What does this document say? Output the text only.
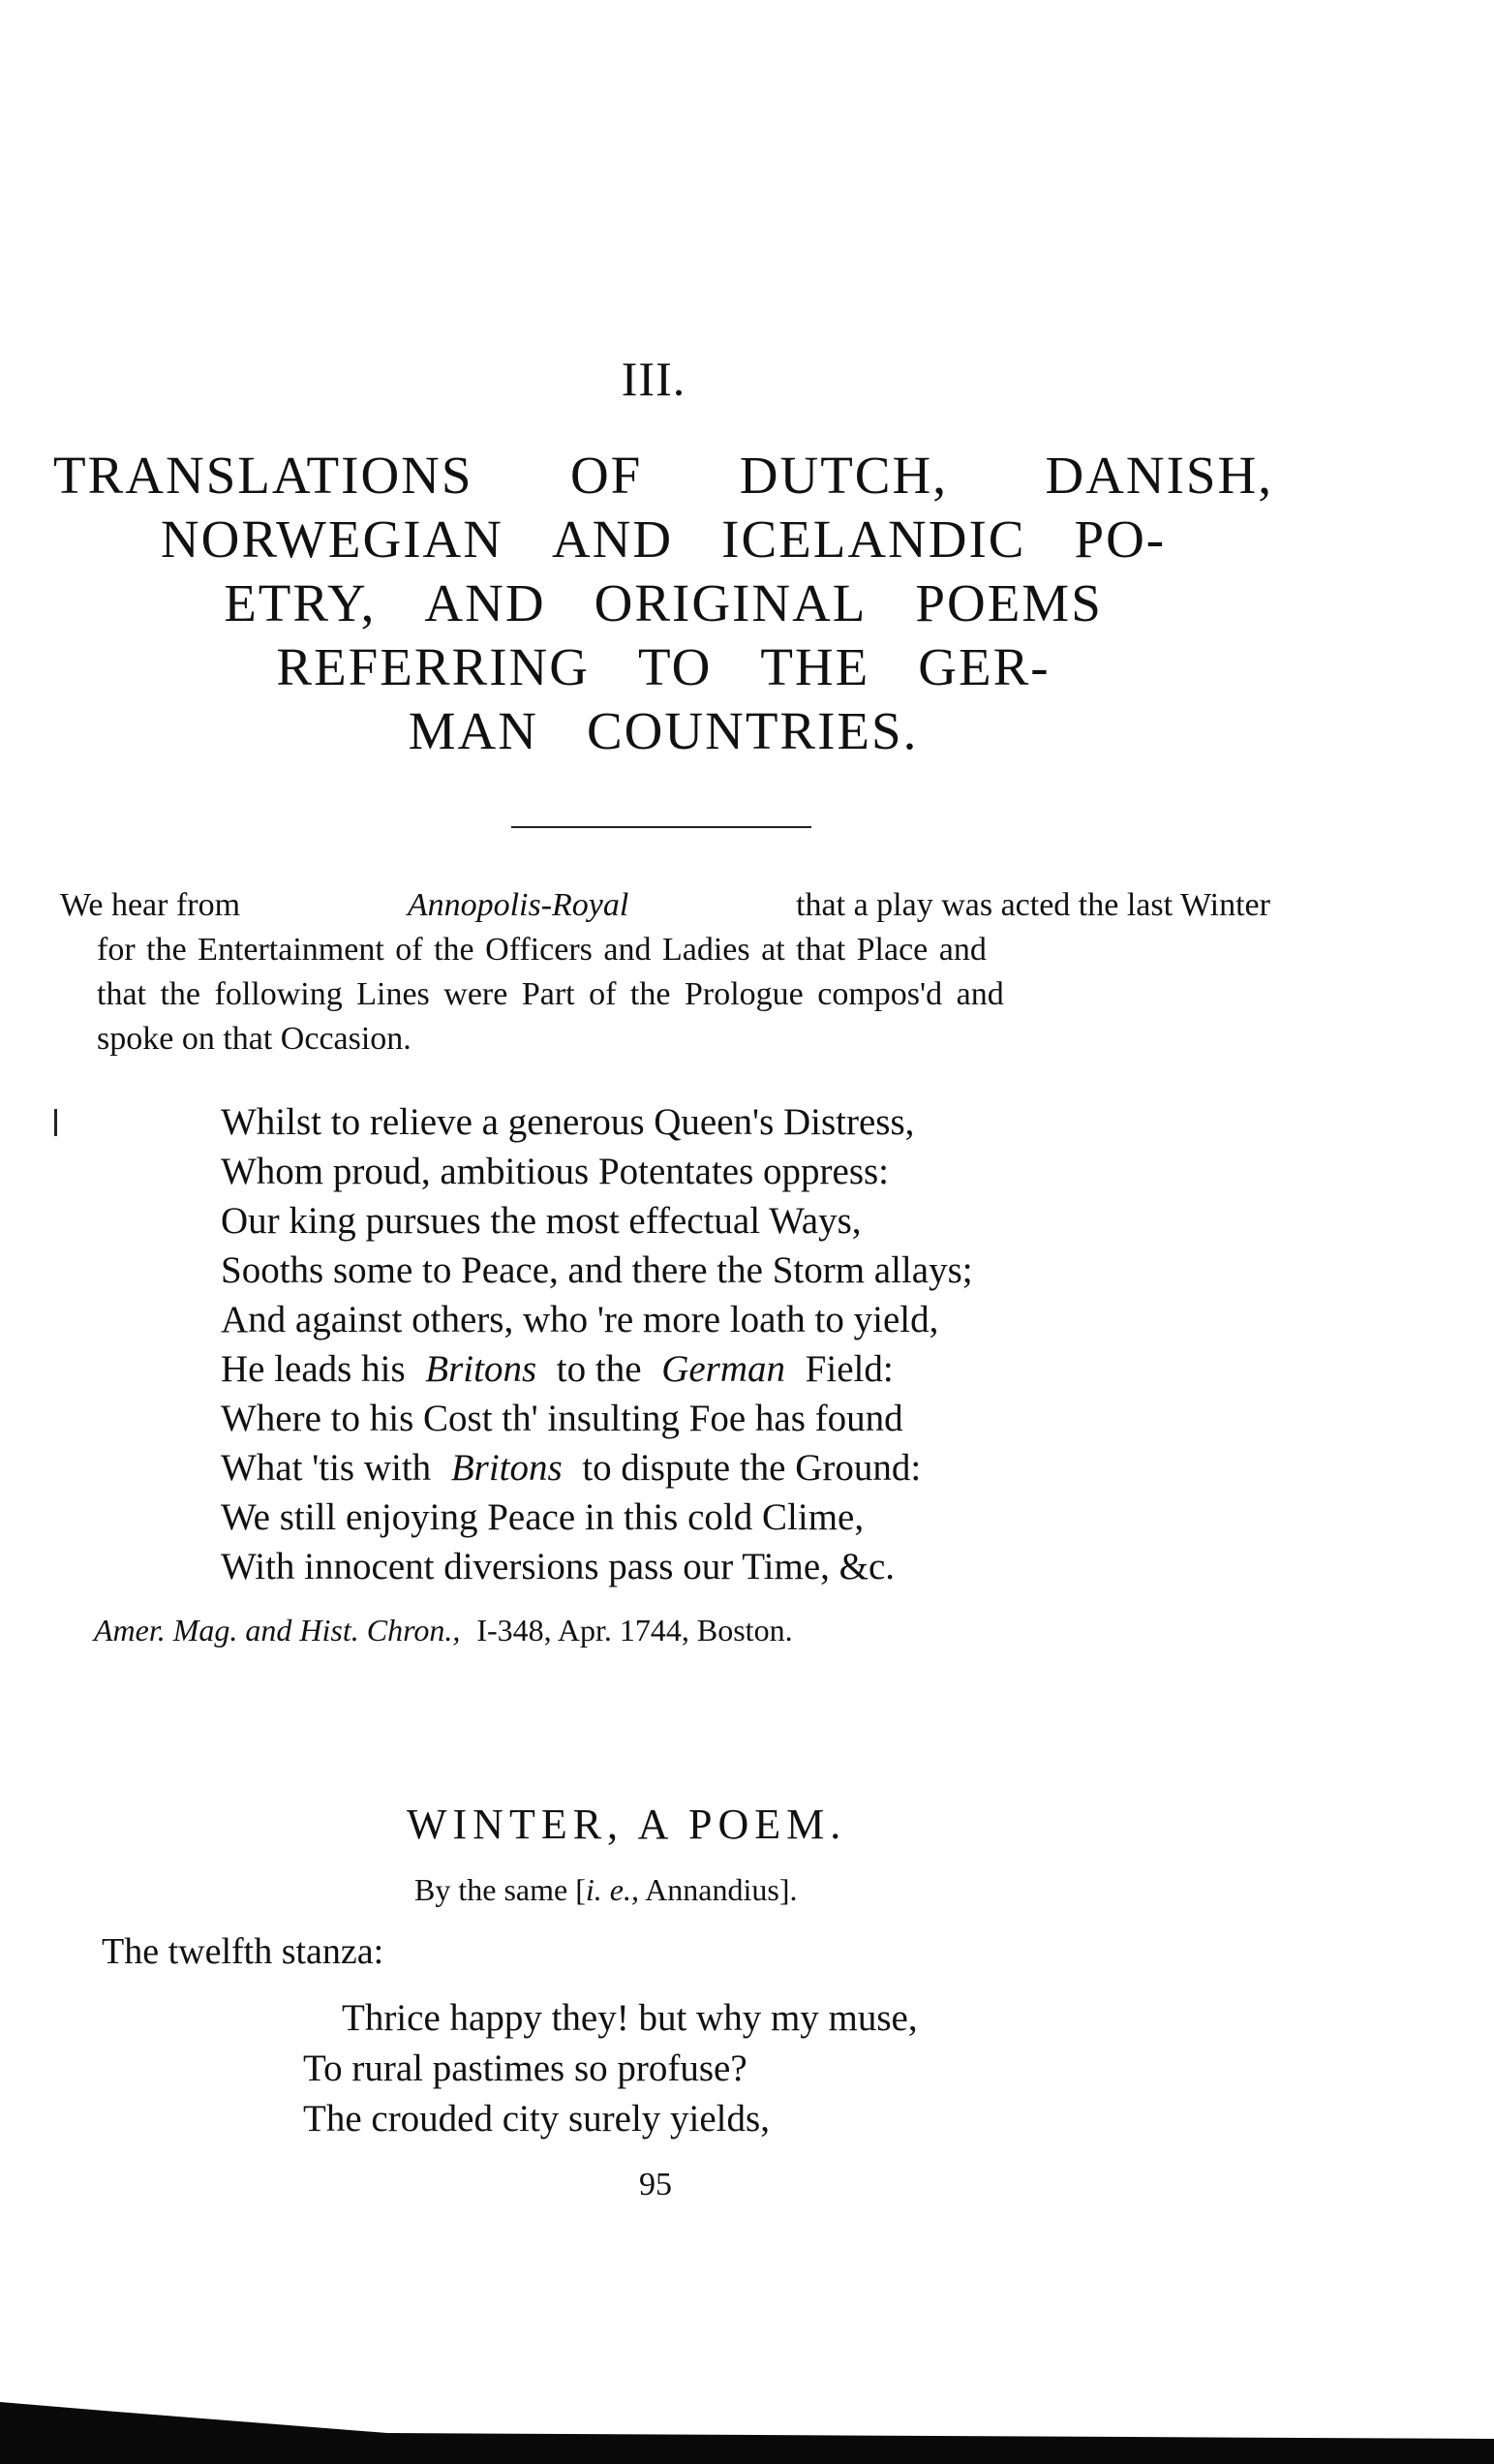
III.
TRANSLATIONS OF DUTCH, DANISH,
NORWEGIAN AND ICELANDIC PO-
ETRY, AND ORIGINAL POEMS
REFERRING TO THE GER-
MAN COUNTRIES.
We hear from	Annopolis-Royal	that a play was acted the last Winter
for the Entertainment of the Officers and Ladies at that Place and
that the following Lines were Part of the Prologue compos'd and
spoke on that Occasion.
Whilst to relieve a generous Queen's Distress,
Whom proud, ambitious Potentates oppress:
Our king pursues the most effectual Ways,
Sooths some to Peace, and there the Storm allays;
And against others, who 're more loath to yield,
He leads his Britons to the German Field:
Where to his Cost th' insulting Foe has found
What 'tis with Britons to dispute the Ground:
We still enjoying Peace in this cold Clime,
With innocent diversions pass our Time, &c.
Amer. Mag. and Hist. Chron., I-348, Apr. 1744, Boston.
WINTER, A POEM.
By the same [i. e., Annandius].
The twelfth stanza:
Thrice happy they! but why my muse,
To rural pastimes so profuse?
The crouded city surely yields,
95
